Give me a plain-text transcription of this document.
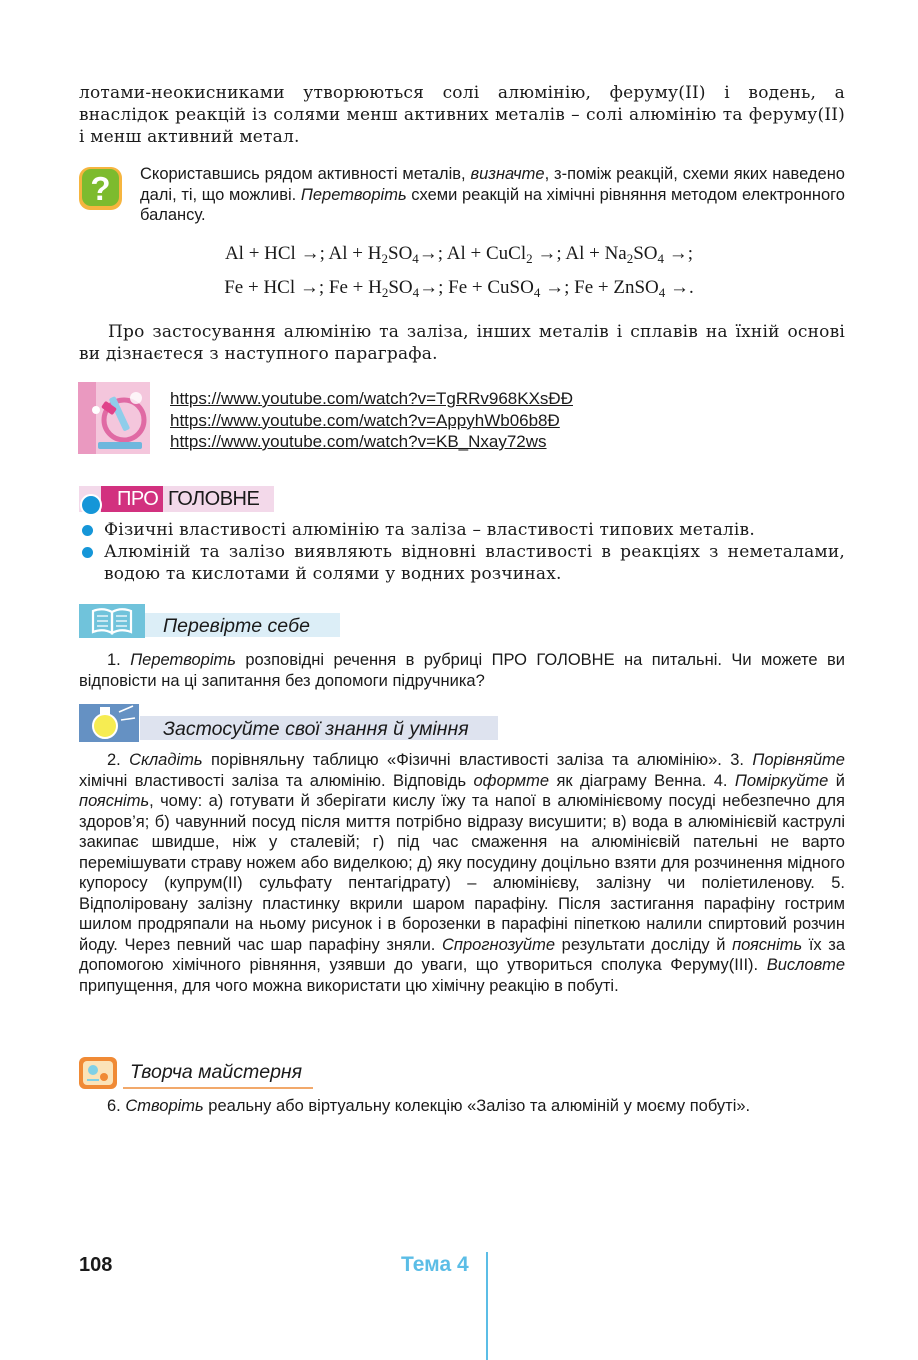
лотами-неокисниками утворюються солі алюмінію, феруму(ІІ) і водень, а внаслідок реакцій із солями менш активних металів – солі алюмінію та феруму(ІІ) і менш активний метал.
? Скориставшись рядом активності металів, визначте, з-поміж реакцій, схеми яких наведено далі, ті, що можливі. Перетворіть схеми реакцій на хімічні рівняння методом електронного балансу.
Al + HCl →; $Al + H_2SO_4\to$; Al + CuCl$_2$ →; $Al + Na_2SO_4$ →;
Fe + HCl →; $Fe + H_2SO_4\to$; Fe + CuSO$_4$ →; Fe + ZnSO$_4$ →.
Про застосування алюмінію та заліза, інших металів і сплавів на їхній основі ви дізнаєтеся з наступного параграфа.
https://www.youtube.com/watch?v=TgRRv968KXsÐÐ
https://www.youtube.com/watch?v=AppyhWb06b8Ð
https://www.youtube.com/watch?v=KB_Nxay72ws
ПРО ГОЛОВНЕ
Фізичні властивості алюмінію та заліза – властивості типових металів.
Алюміній та залізо виявляють відновні властивості в реакціях з неметалами, водою та кислотами й солями у водних розчинах.
Перевірте себе
1. Перетворіть розповідні речення в рубриці ПРО ГОЛОВНЕ на питальні. Чи можете ви відповісти на ці запитання без допомоги підручника?
Застосуйте свої знання й уміння
2. Складіть порівняльну таблицю «Фізичні властивості заліза та алюмінію». 3. Порівняйте хімічні властивості заліза та алюмінію. Відповідь оформте як діаграму Венна. 4. Поміркуйте й поясніть, чому: а) готувати й зберігати кислу їжу та напої в алюмінієвому посуді небезпечно для здоров’я; б) чавунний посуд після миття потрібно відразу висушити; в) вода в алюмінієвій каструлі закипає швидше, ніж у сталевій; г) під час смаження на алюмінієвій пательні не варто перемішувати страву ножем або виделкою; д) яку посудину доцільно взяти для розчинення мідного купоросу (купрум(ІІ) сульфату пентагідрату) – алюмінієву, залізну чи поліетиленову. 5. Відполіровану залізну пластинку вкрили шаром парафіну. Після застигання парафіну гострим шилом продряпали на ньому рисунок і в борозенки в парафіні піпеткою налили спиртовий розчин йоду. Через певний час шар парафіну зняли. Спрогнозуйте результати досліду й поясніть їх за допомогою хімічного рівняння, узявши до уваги, що утвориться сполука Феруму(ІІІ). Висловте припущення, для чого можна використати цю хімічну реакцію в побуті.
Творча майстерня
6. Створіть реальну або віртуальну колекцію «Залізо та алюміній у моєму побуті».
108	Тема 4
